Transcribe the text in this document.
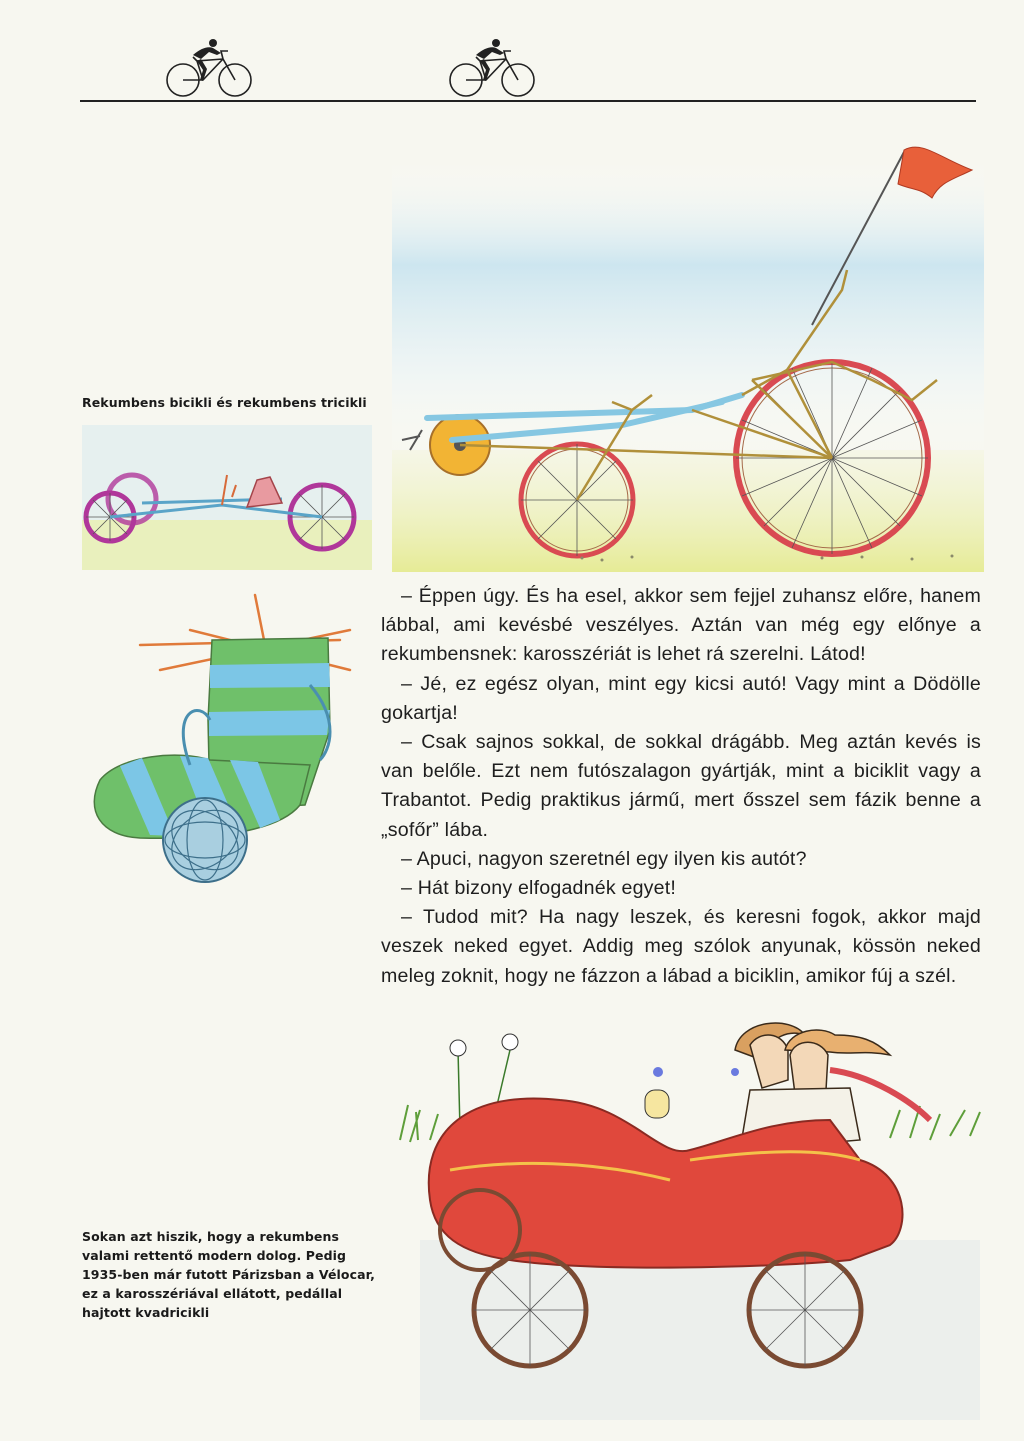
Rekumbens bicikli és rekumbens tricikli

– Éppen úgy. És ha esel, akkor sem fejjel zuhansz előre, hanem lábbal, ami kevésbé veszélyes. Aztán van még egy előnye a rekumbensnek: karosszériát is lehet rá szerelni. Látod!

– Jé, ez egész olyan, mint egy kicsi autó! Vagy mint a Dödölle gokartja!

– Csak sajnos sokkal, de sokkal drágább. Meg aztán kevés is van belőle. Ezt nem futószalagon gyártják, mint a biciklit vagy a Trabantot. Pedig praktikus jármű, mert ősszel sem fázik benne a „sofőr” lába.

– Apuci, nagyon szeretnél egy ilyen kis autót?

– Hát bizony elfogadnék egyet!

– Tudod mit? Ha nagy leszek, és keresni fogok, akkor majd veszek neked egyet. Addig meg szólok anyunak, kössön neked meleg zoknit, hogy ne fázzon a lábad a biciklin, amikor fúj a szél.

Sokan azt hiszik, hogy a rekumbens valami rettentő modern dolog. Pedig 1935-ben már futott Párizsban a Vélocar, ez a karosszériával ellátott, pedállal hajtott kvadricikli
